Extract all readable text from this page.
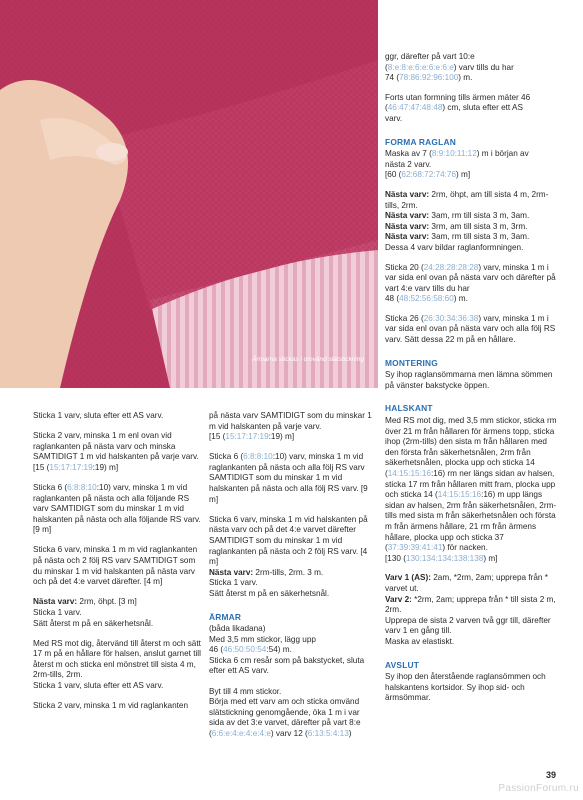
Ärmarna stickas i omvänd slätstickning

Sticka 1 varv, sluta efter ett AS varv.

Sticka 2 varv, minska 1 m enl ovan vid raglankanten på nästa varv och minska SAMTIDIGT 1 m vid halskanten på varje varv.
[15 (15:17:17:19:19) m]

Sticka 6 (6:8:8:10:10) varv, minska 1 m vid raglankanten på nästa och alla följande RS varv SAMTIDIGT som du minskar 1 m vid halskanten på nästa och alla följande RS varv. [9 m]

Sticka 6 varv, minska 1 m m vid raglankanten på nästa och 2 följ RS varv SAMTIDIGT som du minskar 1 m vid halskanten på nästa varv och på det 4:e varvet därefter. [4 m]

Nästa varv: 2rm, öhpt. [3 m]
Sticka 1 varv.
Sätt återst m på en säkerhetsnål.

Med RS mot dig, återvänd till återst m och sätt 17 m på en hållare för halsen, anslut garnet till återst m och sticka enl mönstret till sista 4 m, 2rm-tills, 2rm.
Sticka 1 varv, sluta efter ett AS varv.

Sticka 2 varv, minska 1 m vid raglankanten

på nästa varv SAMTIDIGT som du minskar 1 m vid halskanten på varje varv.
[15 (15:17:17:19:19) m]

Sticka 6 (6:8:8:10:10) varv, minska 1 m vid raglankanten på nästa och alla följ RS varv SAMTIDIGT som du minskar 1 m vid halskanten på nästa och alla följ RS varv. [9 m]

Sticka 6 varv, minska 1 m vid halskanten på nästa varv och på det 4:e varvet därefter SAMTIDIGT som du minskar 1 m vid raglankanten på nästa och 2 följ RS varv. [4 m]
Nästa varv: 2rm-tills, 2rm. 3 m.
Sticka 1 varv.
Sätt återst m på en säkerhetsnål.

ÄRMAR

(båda likadana)
Med 3,5 mm stickor, lägg upp
46 (46:50:50:54:54) m.
Sticka 6 cm resår som på bakstycket, sluta efter ett AS varv.

Byt till 4 mm stickor.
Börja med ett varv am och sticka omvänd slätstickning genomgående, öka 1 m i var sida av det 3:e varvet, därefter på vart 8:e
(6:6:e:4:e:4:e:4:e) varv 12 (6:13:5:4:13)

ggr, därefter på vart 10:e
(8:e:8:e:6:e:6:e:6:e) varv tills du har
74 (78:86:92:96:100) m.

Forts utan formning tills ärmen mäter 46
(46:47:47:48:48) cm, sluta efter ett AS
varv.

FORMA RAGLAN

Maska av 7 (8:9:10:11:12) m i början av
nästa 2 varv.
[60 (62:68:72:74:76) m]

Nästa varv: 2rm, öhpt, am till sista 4 m, 2rm-tills, 2rm.
Nästa varv: 3am, rm till sista 3 m, 3am.
Nästa varv: 3rm, am till sista 3 m, 3rm.
Nästa varv: 3am, rm till sista 3 m, 3am.
Dessa 4 varv bildar raglanformningen.

Sticka 20 (24:28:28:28:28) varv, minska 1 m i var sida enl ovan på nästa varv och därefter på vart 4:e varv tills du har
48 (48:52:56:58:60) m.

Sticka 26 (26:30:34:36:38) varv, minska 1 m i var sida enl ovan på nästa varv och alla följ RS varv. Sätt dessa 22 m på en hållare.

MONTERING

Sy ihop raglansömmarna men lämna sömmen på vänster bakstycke öppen.

HALSKANT

Med RS mot dig, med 3,5 mm stickor, sticka rm över 21 m från hållaren för ärmens topp, sticka ihop (2rm-tills) den sista m från hållaren med den första från säkerhetsnålen, 2rm från säkerhetsnålen, plocka upp och sticka 14 (14:15:15:16:16) rm ner längs sidan av halsen, sticka 17 rm från hållaren mitt fram, plocka upp och sticka 14 (14:15:15:16:16) m upp längs sidan av halsen, 2rm från säkerhetsnålen, 2rm-tills med sista m från säkerhetsnålen och första m från ärmens hållare, 21 rm från ärmens hållare, plocka upp och sticka 37 (37:39:39:41:41) för nacken.
[130 (130:134:134:138:138) m]

Varv 1 (AS): 2am, *2rm, 2am; upprepa från * varvet ut.
Varv 2: *2rm, 2am; upprepa från * till sista 2 m, 2rm.
Upprepa de sista 2 varven två ggr till, därefter varv 1 en gång till.
Maska av elastiskt.

AVSLUT

Sy ihop den återstående raglansömmen och halskantens kortsidor. Sy ihop sid- och ärmsömmar.

39
PassionForum.ru
